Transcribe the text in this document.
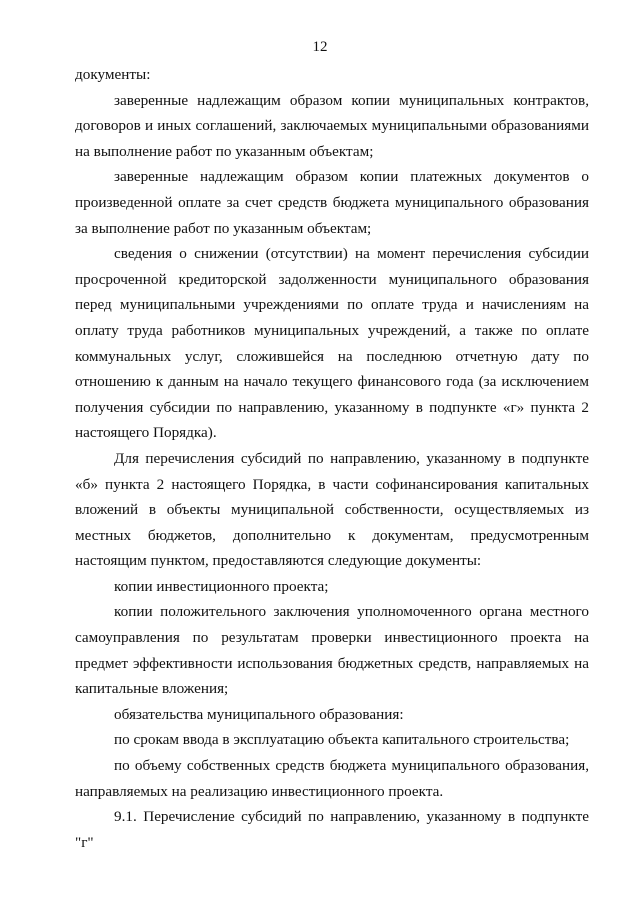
12

документы:

заверенные надлежащим образом копии муниципальных контрактов, договоров и иных соглашений, заключаемых муниципальными образованиями на выполнение работ по указанным объектам;

заверенные надлежащим образом копии платежных документов о произведенной оплате за счет средств бюджета муниципального образования за выполнение работ по указанным объектам;

сведения о снижении (отсутствии) на момент перечисления субсидии просроченной кредиторской задолженности муниципального образования перед муниципальными учреждениями по оплате труда и начислениям на оплату труда работников муниципальных учреждений, а также по оплате коммунальных услуг, сложившейся на последнюю отчетную дату по отношению к данным на начало текущего финансового года (за исключением получения субсидии по направлению, указанному в подпункте «г» пункта 2 настоящего Порядка).

Для перечисления субсидий по направлению, указанному в подпункте «б» пункта 2 настоящего Порядка, в части софинансирования капитальных вложений в объекты муниципальной собственности, осуществляемых из местных бюджетов, дополнительно к документам, предусмотренным настоящим пунктом, предоставляются следующие документы:

копии инвестиционного проекта;

копии положительного заключения уполномоченного органа местного самоуправления по результатам проверки инвестиционного проекта на предмет эффективности использования бюджетных средств, направляемых на капитальные вложения;

обязательства муниципального образования:

по срокам ввода в эксплуатацию объекта капитального строительства;

по объему собственных средств бюджета муниципального образования, направляемых на реализацию инвестиционного проекта.

9.1. Перечисление субсидий по направлению, указанному в подпункте "г"
